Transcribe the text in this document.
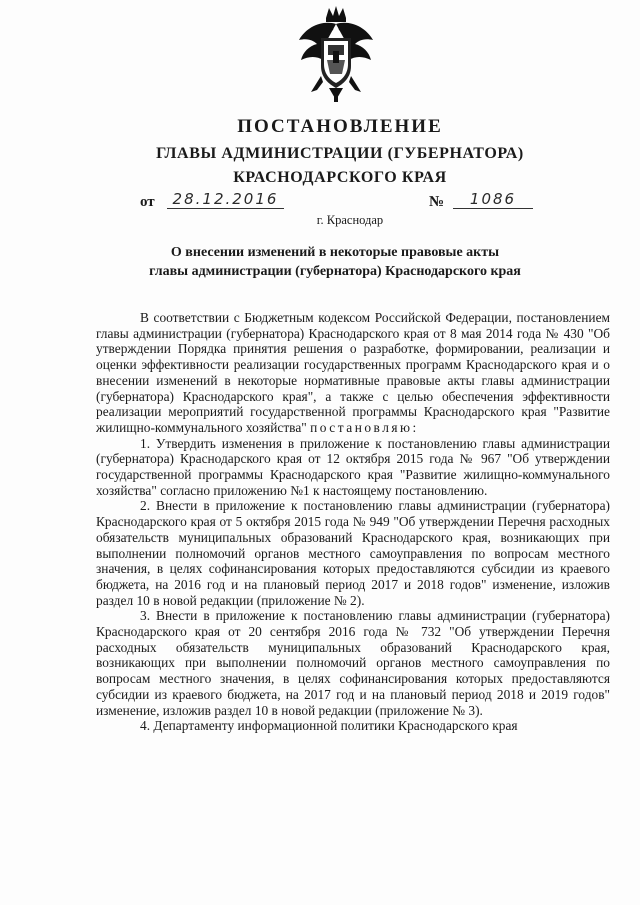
ПОСТАНОВЛЕНИЕ
ГЛАВЫ АДМИНИСТРАЦИИ (ГУБЕРНАТОРА)
КРАСНОДАРСКОГО КРАЯ
от	28.12.2016	№	1086
г. Краснодар
О внесении изменений в некоторые правовые акты
главы администрации (губернатора) Краснодарского края

В соответствии с Бюджетным кодексом Российской Федерации, постановлением главы администрации (губернатора) Краснодарского края от 8 мая 2014 года № 430 "Об утверждении Порядка принятия решения о разработке, формировании, реализации и оценки эффективности реализации государственных программ Краснодарского края и о внесении изменений в некоторые нормативные правовые акты главы администрации (губернатора) Краснодарского края", а также с целью обеспечения эффективности реализации мероприятий государственной программы Краснодарского края "Развитие жилищно-коммунального хозяйства" постановляю:

1. Утвердить изменения в приложение к постановлению главы администрации (губернатора) Краснодарского края от 12 октября 2015 года № 967 "Об утверждении государственной программы Краснодарского края "Развитие жилищно-коммунального хозяйства" согласно приложению №1 к настоящему постановлению.

2. Внести в приложение к постановлению главы администрации (губернатора) Краснодарского края от 5 октября 2015 года № 949 "Об утверждении Перечня расходных обязательств муниципальных образований Краснодарского края, возникающих при выполнении полномочий органов местного самоуправления по вопросам местного значения, в целях софинансирования которых предоставляются субсидии из краевого бюджета, на 2016 год и на плановый период 2017 и 2018 годов" изменение, изложив раздел 10 в новой редакции (приложение № 2).

3. Внести в приложение к постановлению главы администрации (губернатора) Краснодарского края от 20 сентября 2016 года № 732 "Об утверждении Перечня расходных обязательств муниципальных образований Краснодарского края, возникающих при выполнении полномочий органов местного самоуправления по вопросам местного значения, в целях софинансирования которых предоставляются субсидии из краевого бюджета, на 2017 год и на плановый период 2018 и 2019 годов" изменение, изложив раздел 10 в новой редакции (приложение № 3).

4. Департаменту информационной политики Краснодарского края
